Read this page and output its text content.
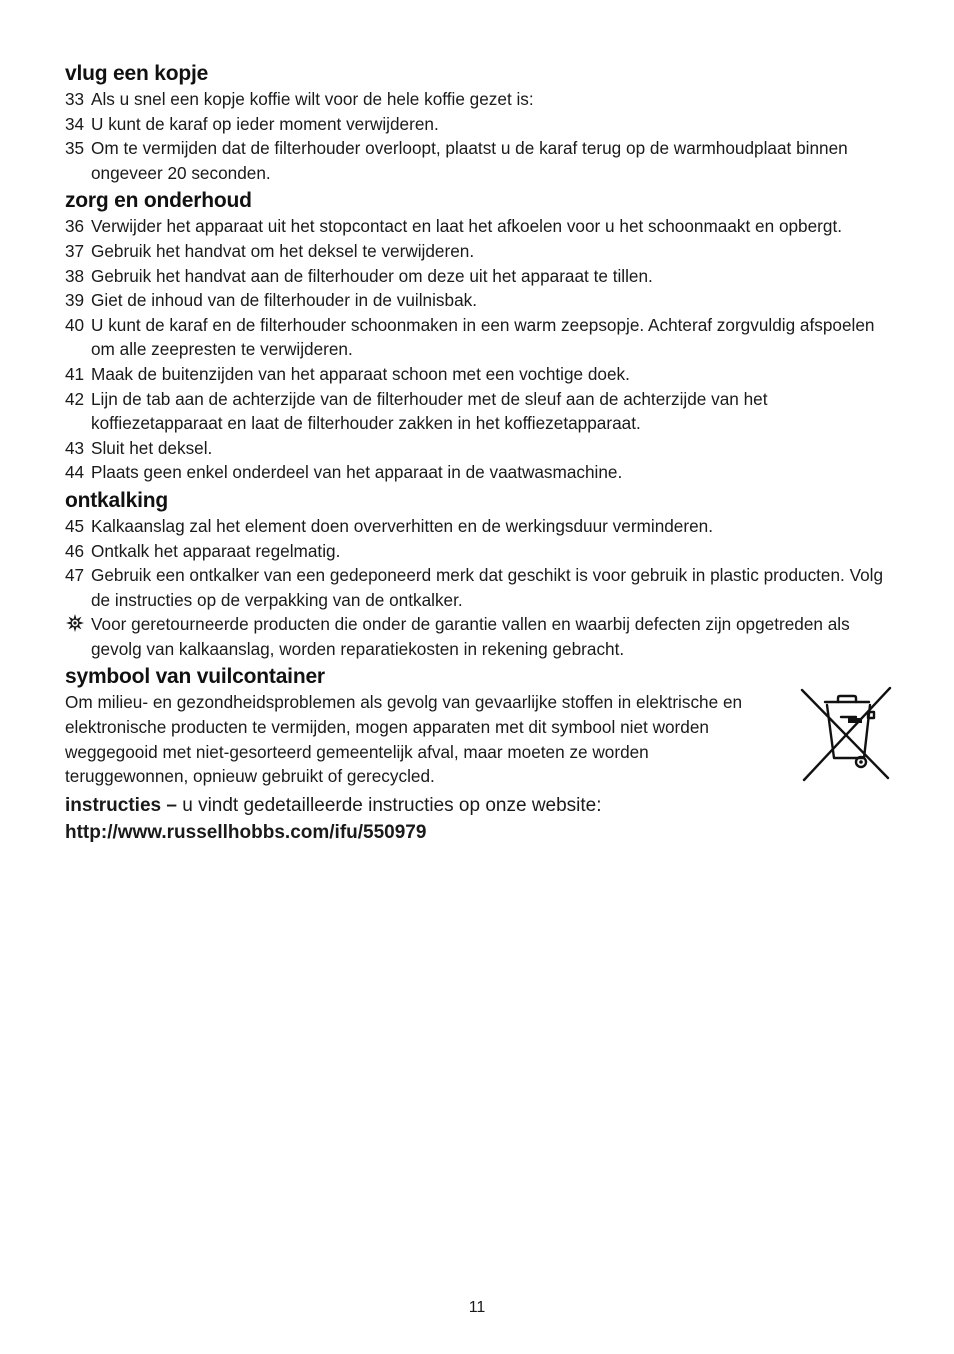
vlug een kopje
33 Als u snel een kopje koffie wilt voor de hele koffie gezet is:
34 U kunt de karaf op ieder moment verwijderen.
35 Om te vermijden dat de filterhouder overloopt, plaatst u de karaf terug op de warmhoudplaat binnen ongeveer 20 seconden.
zorg en onderhoud
36 Verwijder het apparaat uit het stopcontact en laat het afkoelen voor u het schoonmaakt en opbergt.
37 Gebruik het handvat om het deksel te verwijderen.
38 Gebruik het handvat aan de filterhouder om deze uit het apparaat te tillen.
39 Giet de inhoud van de filterhouder in de vuilnisbak.
40 U kunt de karaf en de filterhouder schoonmaken in een warm zeepsopje. Achteraf zorgvuldig afspoelen om alle zeepresten te verwijderen.
41 Maak de buitenzijden van het apparaat schoon met een vochtige doek.
42 Lijn de tab aan de achterzijde van de filterhouder met de sleuf aan de achterzijde van het koffiezetapparaat en laat de filterhouder zakken in het koffiezetapparaat.
43 Sluit het deksel.
44 Plaats geen enkel onderdeel van het apparaat in de vaatwasmachine.
ontkalking
45 Kalkaanslag zal het element doen oververhitten en de werkingsduur verminderen.
46 Ontkalk het apparaat regelmatig.
47 Gebruik een ontkalker van een gedeponeerd merk dat geschikt is voor gebruik in plastic producten. Volg de instructies op de verpakking van de ontkalker.
Voor geretourneerde producten die onder de garantie vallen en waarbij defecten zijn opgetreden als gevolg van kalkaanslag, worden reparatiekosten in rekening gebracht.
symbool van vuilcontainer
Om milieu- en gezondheidsproblemen als gevolg van gevaarlijke stoffen in elektrische en elektronische producten te vermijden, mogen apparaten met dit symbool niet worden weggegooid met niet-gesorteerd gemeentelijk afval, maar moeten ze worden teruggewonnen, opnieuw gebruikt of gerecycled.
instructies – u vindt gedetailleerde instructies op onze website:
http://www.russellhobbs.com/ifu/550979
11
